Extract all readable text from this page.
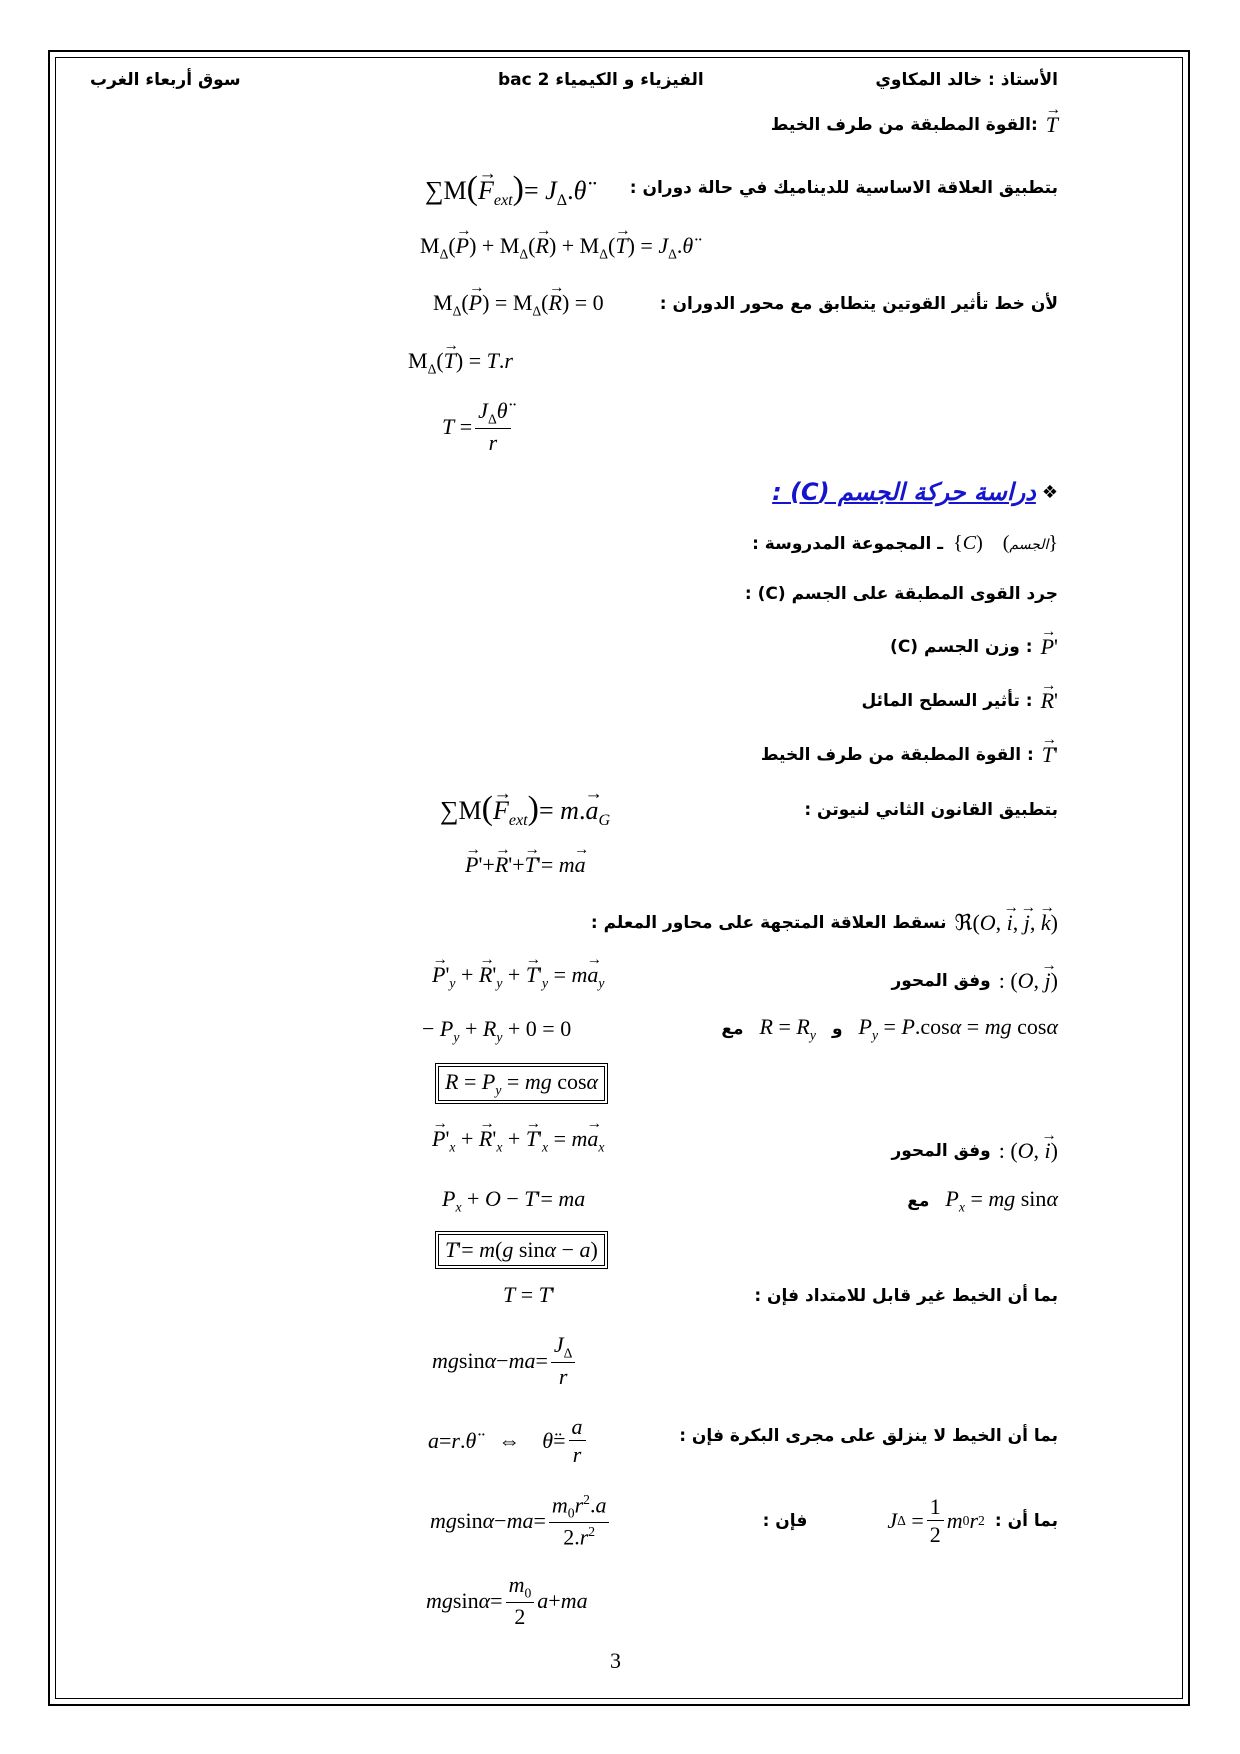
الأستاذ : خالد المكاوي
الفيزياء و الكيمياء 2 bac
سوق أربعاء الغرب
:القوة المطبقة من طرف الخيط → T
بتطبيق العلاقة الاساسية للديناميك في حالة دوران :
$\sum M(\to F_{ext})=$ $J_\Delta.\thetä$
$M_\Delta(\to P) + M_\Delta(\to R) + M_\Delta(\to T)$ = $J_\Delta.\thetä$
لأن خط تأثير القوتين يتطابق مع محور الدوران :
$M_\Delta(\to P) = M_\Delta(\to R) = 0$
$M_\Delta(\to T) = T.r$
$T = \frac{J_\Delta\thetä}{r}$
دراسة حركة الجسم (C) : ❖
ـ المجموعة المدروسة : {C)    (الجسم}
جرد القوى المطبقة على الجسم (C) :
: وزن الجسم (C) → P'
: تأثير السطح المائل → R'
: القوة المطبقة من طرف الخيط → T'
بتطبيق القانون الثاني لنيوتن :
$\sum M(\to F_{ext})= m.\to a_G$
→ P'+→ R'+→ T'= m→ a
نسقط العلاقة المتجهة على محاور المعلم : ℜ(O, → i, → j, → k)
وفق المحور : (O, → j)
→ $P'_y$ + → $R'_y$ + → $T'_y = m\to a_y$
− $P_y + R_y + 0 = 0$	$P_y = P.\cos\alpha$ = mg cosα
و
$R = R_y$
مع
$R = P_y$ = mg cosα
→ $P'_x$ + → $R'_x$ + → $T'_x = m\to a_x$	وفق المحور : (O, → i)
$P_x + O - T'=$ ma	$P_x$ = mg sinα
مع
T'= m(g sinα − a)
T = T'	بما أن الخيط غير قابل للامتداد فإن :
mg sin α − ma = $\frac{J_\Delta}{r}$
a = r . θ̈ ⇔ θ̈ = $\frac{a}{r}$	بما أن الخيط لا ينزلق على مجرى البكرة فإن :
mg sin α − ma = $\frac{m_0r^2.a}{2.r^2}$	بما أن :
J $\Delta = \frac{1}{2}$ m 0 r 2
فإن :
mg $\sin \alpha = \frac{m_0}{2}$ a + ma
3
